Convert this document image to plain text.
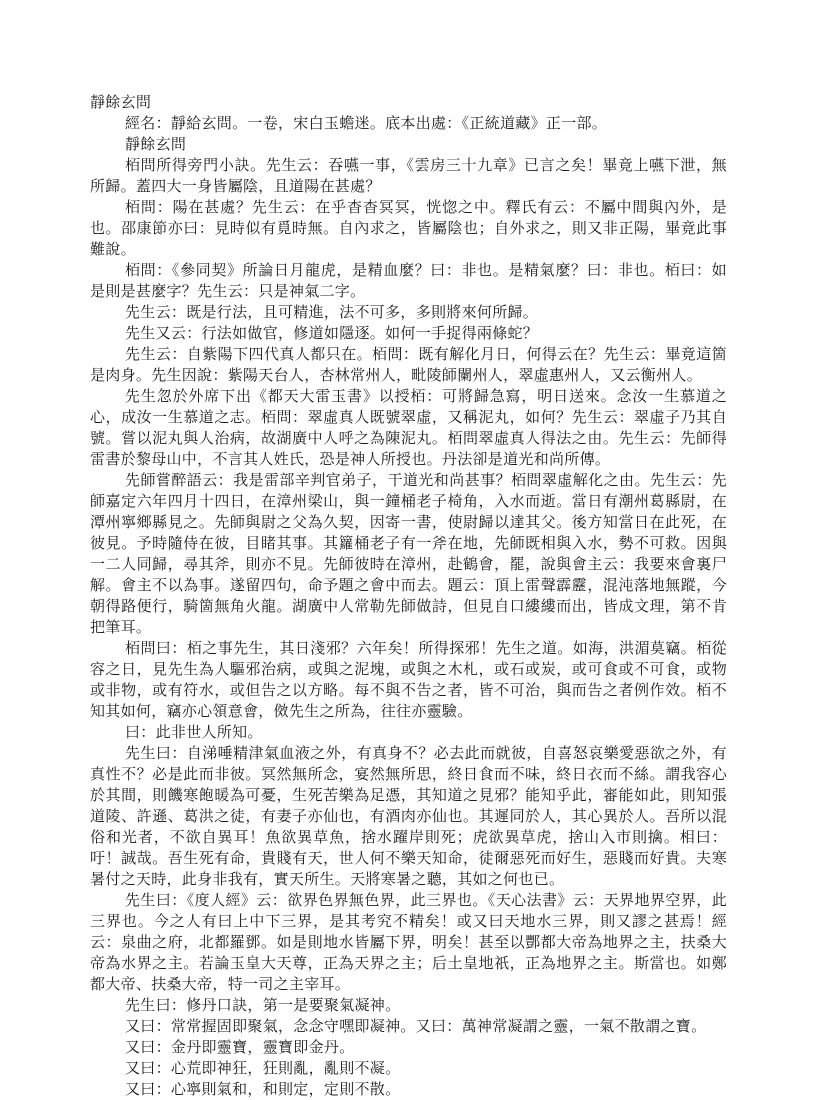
靜餘玄問

經名：靜給玄問。一卷，宋白玉蟾迷。底本出處：《正統道藏》正一部。

靜餘玄問

栢問所得旁門小訣。先生云：吞嚥一事，《雲房三十九章》已言之矣！畢竟上嚥下泄，無所歸。蓋四大一身皆屬陰，且道陽在甚處？

栢問：陽在甚處？先生云：在乎杳杳冥冥，恍惚之中。釋氏有云：不屬中間與內外，是也。邵康節亦曰：見時似有覓時無。自內求之，皆屬陰也；自外求之，則又非正陽，畢竟此事難說。

栢問：《參同契》所論日月龍虎，是精血麼？曰：非也。是精氣麼？曰：非也。栢曰：如是則是甚麼字？先生云：只是神氣二字。

先生云：既是行法，且可精進，法不可多，多則將來何所歸。

先生又云：行法如做官，修道如隱逐。如何一手捉得兩條蛇？

先生云：自紫陽下四代真人都只在。栢問：既有解化月日，何得云在？先生云：畢竟這箇是肉身。先生因說：紫陽天台人，杏林常州人，毗陵師闌州人，翠虛惠州人，又云衡州人。

先生忽於外席下出《都天大雷玉書》以授栢：可將歸急寫，明日送來。念汝一生慕道之心，成汝一生慕道之志。栢問：翠虛真人既號翠虛，又稱泥丸，如何？先生云：翠虛子乃其自號。嘗以泥丸與人治病，故湖廣中人呼之為陳泥丸。栢問翠虛真人得法之由。先生云：先師得雷書於黎母山中，不言其人姓氏，恐是神人所授也。丹法卻是道光和尚所傳。

先師嘗醉語云：我是雷部辛判官弟子，干道光和尚甚事？栢問翠虛解化之由。先生云：先師嘉定六年四月十四日，在漳州梁山，與一鐘桶老子椅角，入水而逝。當日有潮州葛縣尉，在潭州寧鄉縣見之。先師與尉之父為久契，因寄一書，使尉歸以達其父。後方知當日在此死，在彼見。予時隨侍在彼，目睹其事。其籮桶老子有一斧在地，先師既相與入水，勢不可救。因與一二人同歸，尋其斧，則亦不見。先師彼時在漳州，赴鶴會，罷，說與會主云：我要來會裏尸解。會主不以為事。遂留四句，命予題之會中而去。題云：頂上雷聲霹靂，混沌落地無蹤，今朝得路便行，騎箇無角火龍。湖廣中人常勒先師做詩，但見自口縷縷而出，皆成文理，第不肯把筆耳。

栢問曰：栢之事先生，其日淺邪？六年矣！所得探邪！先生之道。如海，洪湄莫竊。栢從容之日，見先生為人驅邪治病，或與之泥塊，或與之木札，或石或炭，或可食或不可食，或物或非物，或有符水，或但告之以方略。每不與不告之者，皆不可治，與而告之者例作效。栢不知其如何，竊亦心領意會，傚先生之所為，往往亦靈驗。

曰：此非世人所知。

先生曰：自涕唾精津氣血液之外，有真身不？必去此而就彼，自喜怒哀樂愛惡欲之外，有真性不？必是此而非彼。冥然無所念，宴然無所思，終日食而不味，終日衣而不絲。謂我容心於其間，則饑寒飽暖為可憂，生死苦樂為足憑，其知道之見邪？能知乎此，審能如此，則知張道陵、許遜、葛洪之徒，有妻子亦仙也，有酒肉亦仙也。其遲同於人，其心異於人。吾所以混俗和光者，不欲自異耳！魚欲異草魚，捨水躍岸則死；虎欲異草虎，捨山入市則擒。相曰：吁！誠哉。吾生死有命，貴賤有天，世人何不樂天知命，徒爾惡死而好生，惡賤而好貴。夫寒暑付之天時，此身非我有，實天所生。天將寒暑之聽，其如之何也已。

先生曰：《度人經》云：欲界色界無色界，此三界也。《天心法書》云：天界地界空界，此三界也。今之人有曰上中下三界，是其考究不精矣！或又曰天地水三界，則又謬之甚焉！經云：泉曲之府，北都羅鄧。如是則地水皆屬下界，明矣！甚至以酆都大帝為地界之主，扶桑大帝為水界之主。若論玉皇大天尊，正為天界之主；后土皇地祇，正為地界之主。斯當也。如鄭都大帝、扶桑大帝，特一司之主宰耳。

先生曰：修丹口訣，第一是要聚氣凝神。

又曰：常常握固即聚氣，念念守嘿即凝神。又曰：萬神常凝謂之靈，一氣不散謂之寶。

又曰：金丹即靈寶，靈寶即金丹。

又曰：心荒即神狂，狂則亂，亂則不凝。

又曰：心寧則氣和，和則定，定則不散。
